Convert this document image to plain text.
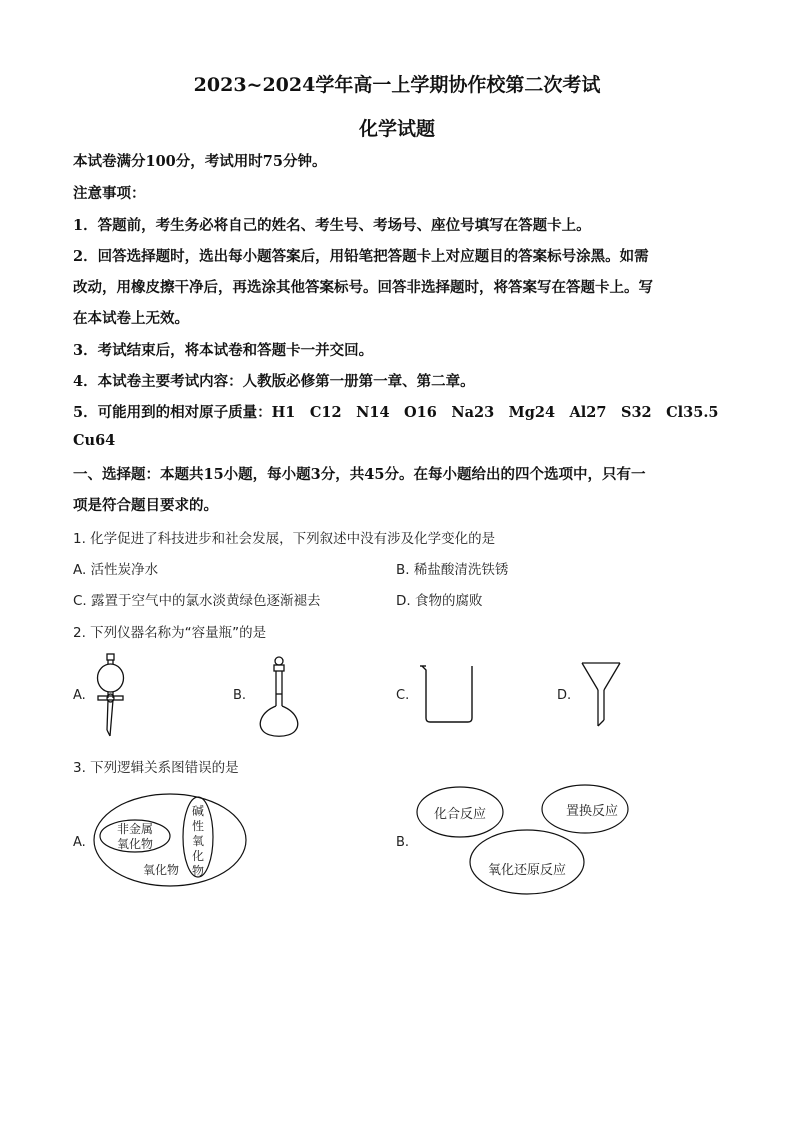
2023~2024学年高一上学期协作校第二次考试
化学试题
本试卷满分100分，考试用时75分钟。
注意事项：
1．答题前，考生务必将自己的姓名、考生号、考场号、座位号填写在答题卡上。
2．回答选择题时，选出每小题答案后，用铅笔把答题卡上对应题目的答案标号涂黑。如需
改动，用橡皮擦干净后，再选涂其他答案标号。回答非选择题时，将答案写在答题卡上。写
在本试卷上无效。
3．考试结束后，将本试卷和答题卡一并交回。
4．本试卷主要考试内容：人教版必修第一册第一章、第二章。
5．可能用到的相对原子质量：H1　C12　N14　O16　Na23　Mg24　Al27　S32　Cl35.5
Cu64
一、选择题：本题共15小题，每小题3分，共45分。在每小题给出的四个选项中，只有一
项是符合题目要求的。
1. 化学促进了科技进步和社会发展，下列叙述中没有涉及化学变化的是
A. 活性炭净水	B. 稀盐酸清洗铁锈
C. 露置于空气中的氯水淡黄绿色逐渐褪去	D. 食物的腐败
2. 下列仪器名称为“容量瓶”的是
A.	B.	C.	D.
3. 下列逻辑关系图错误的是
A.	B.
非金属
氧化物
碱
性
氧
化
物
氧化物
化合反应	置换反应
氧化还原反应
